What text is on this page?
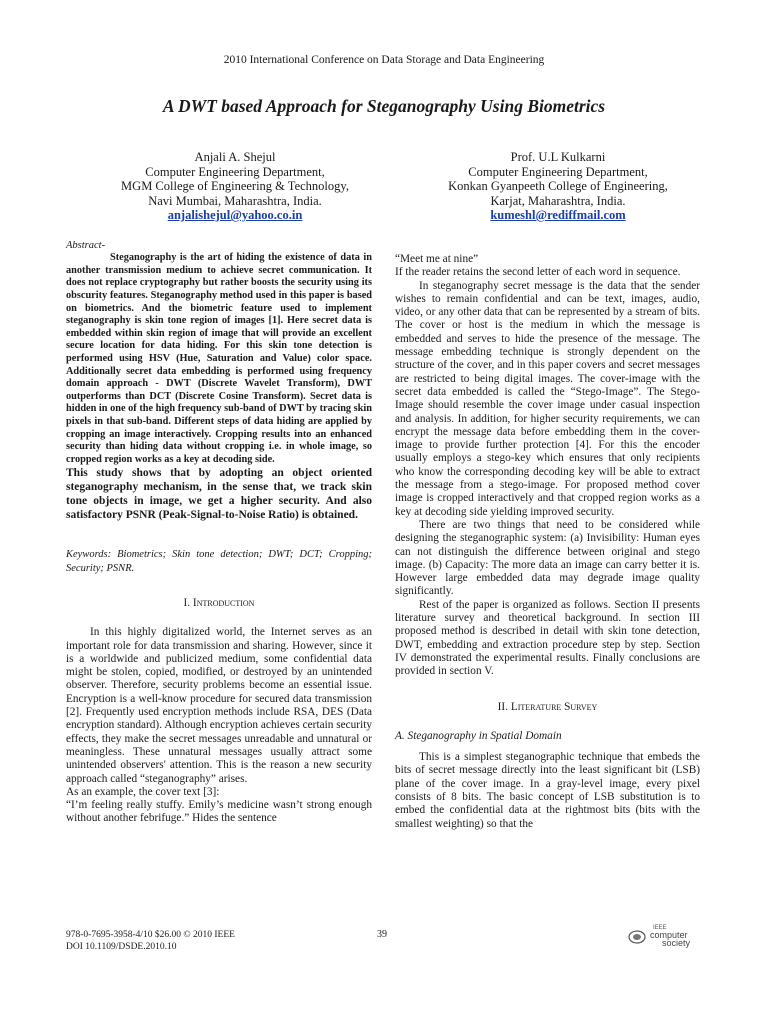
2010 International Conference on Data Storage and Data Engineering
A DWT based Approach for Steganography Using Biometrics
Anjali A. Shejul
Computer Engineering Department,
MGM College of Engineering & Technology,
Navi Mumbai, Maharashtra, India.
anjalishejul@yahoo.co.in
Prof. U.L Kulkarni
Computer Engineering Department,
Konkan Gyanpeeth College of Engineering,
Karjat, Maharashtra, India.
kumeshl@rediffmail.com

Abstract-

Steganography is the art of hiding the existence of data in another transmission medium to achieve secret communication. It does not replace cryptography but rather boosts the security using its obscurity features. Steganography method used in this paper is based on biometrics. And the biometric feature used to implement steganography is skin tone region of images [1]. Here secret data is embedded within skin region of image that will provide an excellent secure location for data hiding. For this skin tone detection is performed using HSV (Hue, Saturation and Value) color space. Additionally secret data embedding is performed using frequency domain approach - DWT (Discrete Wavelet Transform), DWT outperforms than DCT (Discrete Cosine Transform). Secret data is hidden in one of the high frequency sub-band of DWT by tracing skin pixels in that sub-band. Different steps of data hiding are applied by cropping an image interactively. Cropping results into an enhanced security than hiding data without cropping i.e. in whole image, so cropped region works as a key at decoding side.

This study shows that by adopting an object oriented steganography mechanism, in the sense that, we track skin tone objects in image, we get a higher security. And also satisfactory PSNR (Peak-Signal-to-Noise Ratio) is obtained.

Keywords: Biometrics; Skin tone detection; DWT; DCT; Cropping; Security; PSNR.

I. Introduction

In this highly digitalized world, the Internet serves as an important role for data transmission and sharing. However, since it is a worldwide and publicized medium, some confidential data might be stolen, copied, modified, or destroyed by an unintended observer. Therefore, security problems become an essential issue. Encryption is a well-know procedure for secured data transmission [2]. Frequently used encryption methods include RSA, DES (Data encryption standard). Although encryption achieves certain security effects, they make the secret messages unreadable and unnatural or meaningless. These unnatural messages usually attract some unintended observers' attention. This is the reason a new security approach called “steganography” arises.

As an example, the cover text [3]:

“I’m feeling really stuffy. Emily’s medicine wasn’t strong enough without another febrifuge.” Hides the sentence

“Meet me at nine”

If the reader retains the second letter of each word in sequence.

In steganography secret message is the data that the sender wishes to remain confidential and can be text, images, audio, video, or any other data that can be represented by a stream of bits. The cover or host is the medium in which the message is embedded and serves to hide the presence of the message. The message embedding technique is strongly dependent on the structure of the cover, and in this paper covers and secret messages are restricted to being digital images. The cover-image with the secret data embedded is called the “Stego-Image”. The Stego-Image should resemble the cover image under casual inspection and analysis. In addition, for higher security requirements, we can encrypt the message data before embedding them in the cover-image to provide further protection [4]. For this the encoder usually employs a stego-key which ensures that only recipients who know the corresponding decoding key will be able to extract the message from a stego-image. For proposed method cover image is cropped interactively and that cropped region works as a key at decoding side yielding improved security.

There are two things that need to be considered while designing the steganographic system: (a) Invisibility: Human eyes can not distinguish the difference between original and stego image. (b) Capacity: The more data an image can carry better it is. However large embedded data may degrade image quality significantly.

Rest of the paper is organized as follows. Section II presents literature survey and theoretical background. In section III proposed method is described in detail with skin tone detection, DWT, embedding and extraction procedure step by step. Section IV demonstrated the experimental results. Finally conclusions are provided in section V.

II. Literature Survey

A. Steganography in Spatial Domain

This is a simplest steganographic technique that embeds the bits of secret message directly into the least significant bit (LSB) plane of the cover image. In a gray-level image, every pixel consists of 8 bits. The basic concept of LSB substitution is to embed the confidential data at the rightmost bits (bits with the smallest weighting) so that the

978-0-7695-3958-4/10 $26.00 © 2010 IEEE
DOI 10.1109/DSDE.2010.10
39
IEEE
computer
society
